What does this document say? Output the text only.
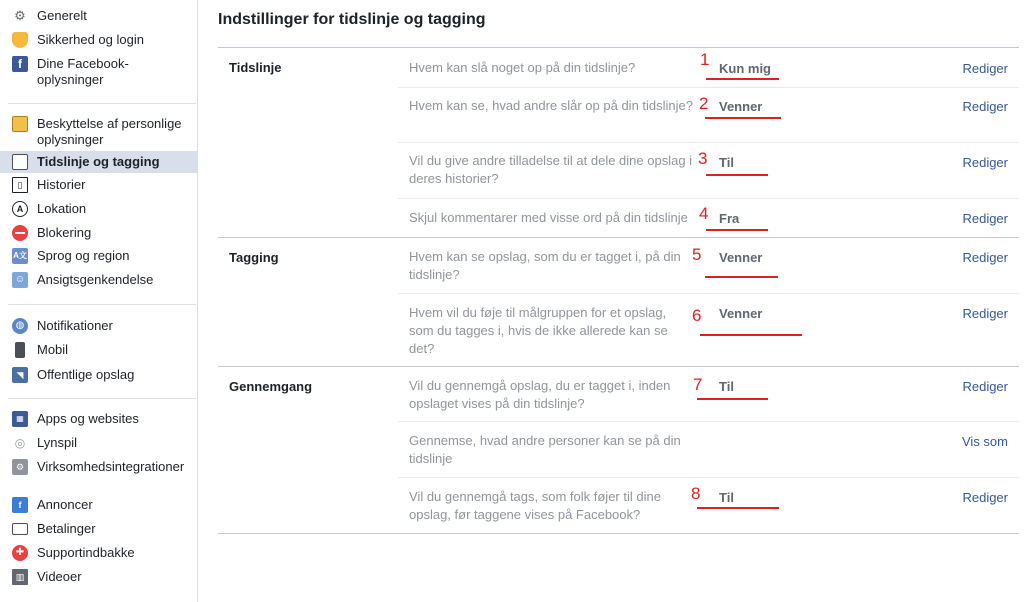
⚙ Generelt
Sikkerhed og login
f	Dine Facebook-oplysninger
Beskyttelse af personlige oplysninger
Tidslinje og tagging
▯	Historier
A	Lokation
Blokering
A文 Sprog og region
☺ Ansigtsgenkendelse
◍ Notifikationer
Mobil
◥	Offentlige opslag
▦	Apps og websites
◎ Lynspil
⚙ Virksomhedsintegrationer
f	Annoncer
Betalinger
✚ Supportindbakke
▥ Videoer
Indstillinger for tidslinje og tagging
Tidslinje	Hvem kan slå noget op på din tidslinje?	1 Kun mig	Rediger
Hvem kan se, hvad andre slår op på din tidslinje? 2 Venner	Rediger
Vil du give andre tilladelse til at dele dine opslag i deres historier?
3 Til	Rediger
Skjul kommentarer med visse ord på din tidslinje 4 Fra	Rediger
Tagging	Hvem kan se opslag, som du er tagget i, på din tidslinje?
5 Venner	Rediger
Hvem vil du føje til målgruppen for et opslag, som du tagges i, hvis de ikke allerede kan se det?
6 Venner	Rediger
Gennemgang	Vil du gennemgå opslag, du er tagget i, inden opslaget vises på din tidslinje?
7 Til	Rediger
Gennemse, hvad andre personer kan se på din tidslinje
Vis som
Vil du gennemgå tags, som folk føjer til dine opslag, før taggene vises på Facebook?
8 Til	Rediger
